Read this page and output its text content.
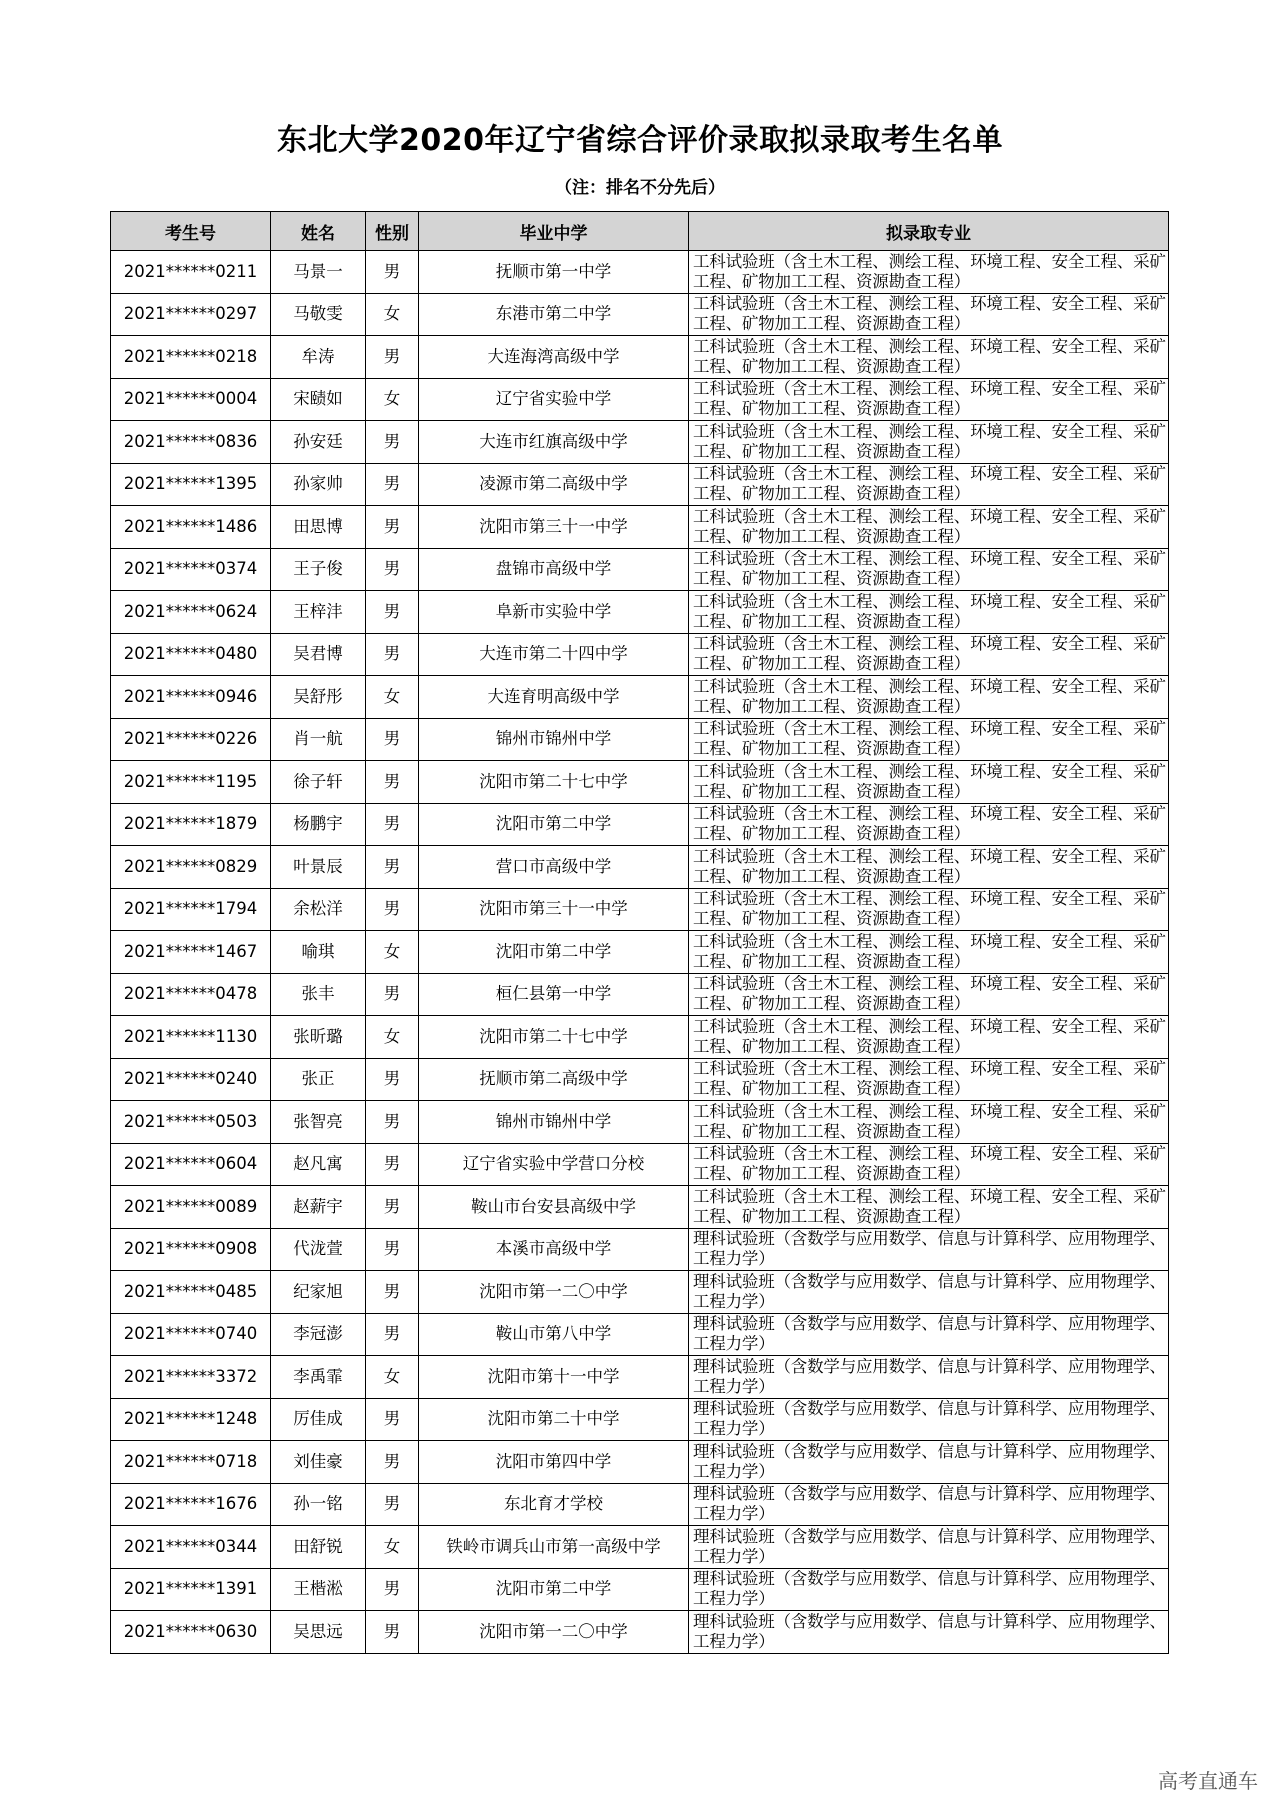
东北大学2020年辽宁省综合评价录取拟录取考生名单
（注：排名不分先后）
考生号	姓名	性别	毕业中学	拟录取专业
2021******0211	马景一	男	抚顺市第一中学	工科试验班（含土木工程、测绘工程、环境工程、安全工程、采矿工程、矿物加工工程、资源勘查工程）

2021******0297	马敬雯	女	东港市第二中学	工科试验班（含土木工程、测绘工程、环境工程、安全工程、采矿工程、矿物加工工程、资源勘查工程）

2021******0218	牟涛	男	大连海湾高级中学	工科试验班（含土木工程、测绘工程、环境工程、安全工程、采矿工程、矿物加工工程、资源勘查工程）

2021******0004	宋赜如	女	辽宁省实验中学	工科试验班（含土木工程、测绘工程、环境工程、安全工程、采矿工程、矿物加工工程、资源勘查工程）

2021******0836	孙安廷	男	大连市红旗高级中学	工科试验班（含土木工程、测绘工程、环境工程、安全工程、采矿工程、矿物加工工程、资源勘查工程）

2021******1395	孙家帅	男	凌源市第二高级中学	工科试验班（含土木工程、测绘工程、环境工程、安全工程、采矿工程、矿物加工工程、资源勘查工程）

2021******1486	田思博	男	沈阳市第三十一中学	工科试验班（含土木工程、测绘工程、环境工程、安全工程、采矿工程、矿物加工工程、资源勘查工程）

2021******0374	王子俊	男	盘锦市高级中学	工科试验班（含土木工程、测绘工程、环境工程、安全工程、采矿工程、矿物加工工程、资源勘查工程）

2021******0624	王梓沣	男	阜新市实验中学	工科试验班（含土木工程、测绘工程、环境工程、安全工程、采矿工程、矿物加工工程、资源勘查工程）

2021******0480	吴君博	男	大连市第二十四中学	工科试验班（含土木工程、测绘工程、环境工程、安全工程、采矿工程、矿物加工工程、资源勘查工程）

2021******0946	吴舒彤	女	大连育明高级中学	工科试验班（含土木工程、测绘工程、环境工程、安全工程、采矿工程、矿物加工工程、资源勘查工程）

2021******0226	肖一航	男	锦州市锦州中学	工科试验班（含土木工程、测绘工程、环境工程、安全工程、采矿工程、矿物加工工程、资源勘查工程）

2021******1195	徐子轩	男	沈阳市第二十七中学	工科试验班（含土木工程、测绘工程、环境工程、安全工程、采矿工程、矿物加工工程、资源勘查工程）

2021******1879	杨鹏宇	男	沈阳市第二中学	工科试验班（含土木工程、测绘工程、环境工程、安全工程、采矿工程、矿物加工工程、资源勘查工程）

2021******0829	叶景辰	男	营口市高级中学	工科试验班（含土木工程、测绘工程、环境工程、安全工程、采矿工程、矿物加工工程、资源勘查工程）

2021******1794	余松洋	男	沈阳市第三十一中学	工科试验班（含土木工程、测绘工程、环境工程、安全工程、采矿工程、矿物加工工程、资源勘查工程）

2021******1467	喻琪	女	沈阳市第二中学	工科试验班（含土木工程、测绘工程、环境工程、安全工程、采矿工程、矿物加工工程、资源勘查工程）

2021******0478	张丰	男	桓仁县第一中学	工科试验班（含土木工程、测绘工程、环境工程、安全工程、采矿工程、矿物加工工程、资源勘查工程）

2021******1130	张昕璐	女	沈阳市第二十七中学	工科试验班（含土木工程、测绘工程、环境工程、安全工程、采矿工程、矿物加工工程、资源勘查工程）

2021******0240	张正	男	抚顺市第二高级中学	工科试验班（含土木工程、测绘工程、环境工程、安全工程、采矿工程、矿物加工工程、资源勘查工程）

2021******0503	张智亮	男	锦州市锦州中学	工科试验班（含土木工程、测绘工程、环境工程、安全工程、采矿工程、矿物加工工程、资源勘查工程）

2021******0604	赵凡寓	男	辽宁省实验中学营口分校	工科试验班（含土木工程、测绘工程、环境工程、安全工程、采矿工程、矿物加工工程、资源勘查工程）

2021******0089	赵薪宇	男	鞍山市台安县高级中学	工科试验班（含土木工程、测绘工程、环境工程、安全工程、采矿工程、矿物加工工程、资源勘查工程）

2021******0908	代泷萱	男	本溪市高级中学	理科试验班（含数学与应用数学、信息与计算科学、应用物理学、工程力学）

2021******0485	纪家旭	男	沈阳市第一二〇中学	理科试验班（含数学与应用数学、信息与计算科学、应用物理学、工程力学）

2021******0740	李冠澎	男	鞍山市第八中学	理科试验班（含数学与应用数学、信息与计算科学、应用物理学、工程力学）

2021******3372	李禹霏	女	沈阳市第十一中学	理科试验班（含数学与应用数学、信息与计算科学、应用物理学、工程力学）

2021******1248	厉佳成	男	沈阳市第二十中学	理科试验班（含数学与应用数学、信息与计算科学、应用物理学、工程力学）

2021******0718	刘佳豪	男	沈阳市第四中学	理科试验班（含数学与应用数学、信息与计算科学、应用物理学、工程力学）

2021******1676	孙一铭	男	东北育才学校	理科试验班（含数学与应用数学、信息与计算科学、应用物理学、工程力学）

2021******0344	田舒锐	女	铁岭市调兵山市第一高级中学	理科试验班（含数学与应用数学、信息与计算科学、应用物理学、工程力学）

2021******1391	王楷淞	男	沈阳市第二中学	理科试验班（含数学与应用数学、信息与计算科学、应用物理学、工程力学）

2021******0630	吴思远	男	沈阳市第一二〇中学	理科试验班（含数学与应用数学、信息与计算科学、应用物理学、工程力学）
高考直通车
